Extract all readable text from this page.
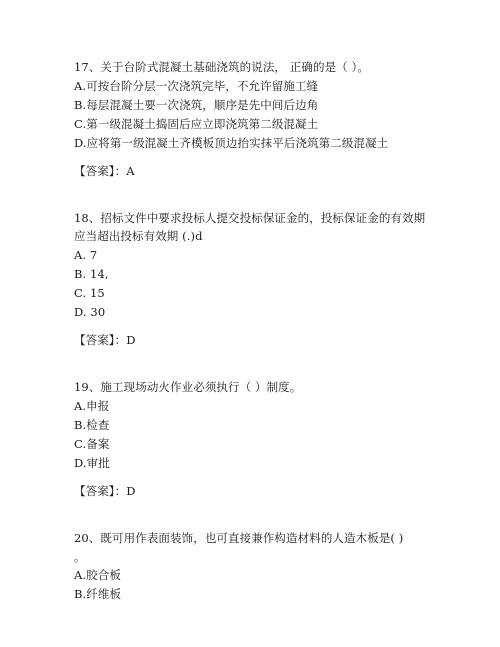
17、关于台阶式混凝土基础浇筑的说法， 正确的是（ ）。
A.可按台阶分层一次浇筑完毕，不允许留施工缝
B.每层混凝土要一次浇筑，顺序是先中间后边角
C.第一级混凝土捣固后应立即浇筑第二级混凝土
D.应将第一级混凝土齐模板顶边抬实抹平后浇筑第二级混凝土
【答案】：A
18、招标文件中要求投标人提交投标保证金的，投标保证金的有效期
应当超出投标有效期 (.)d
A. 7
B. 14,
C. 15
D. 30
【答案】：D
19、施工现场动火作业必须执行（ ）制度。
A.申报
B.检查
C.备案
D.审批
【答案】：D
20、既可用作表面装饰，也可直接兼作构造材料的人造木板是( )
。
A.胶合板
B.纤维板
